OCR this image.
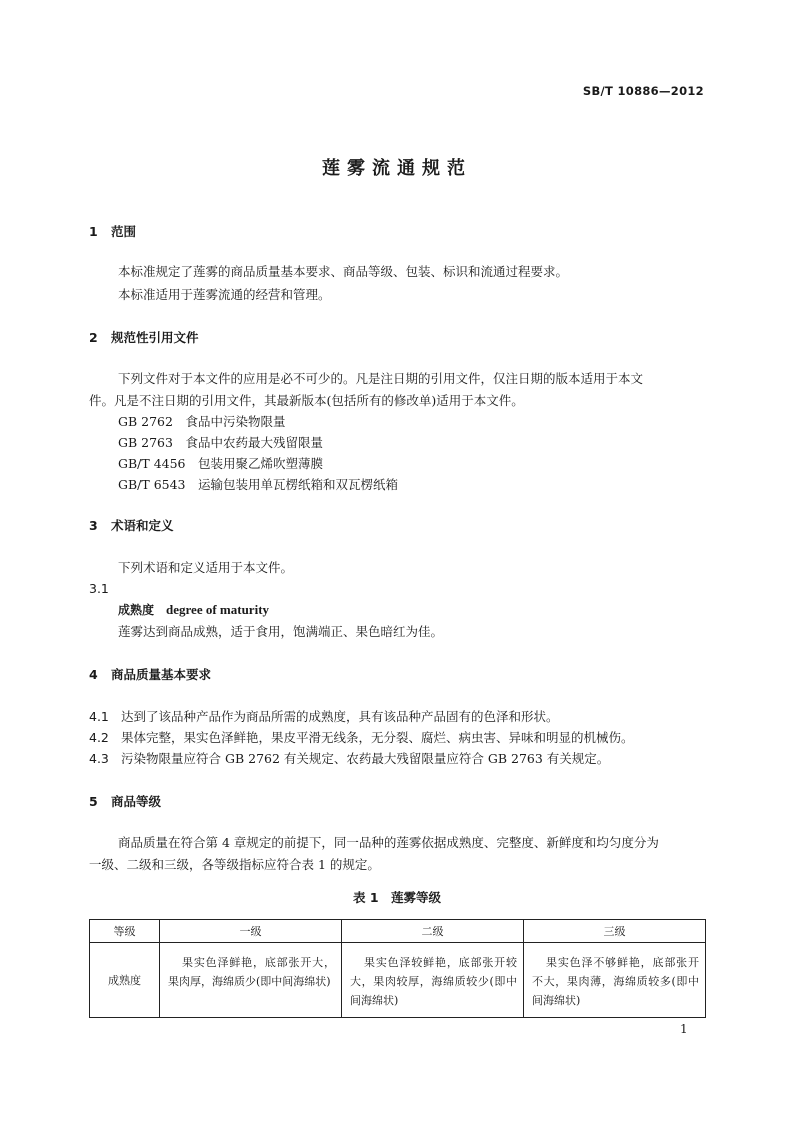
SB/T 10886—2012
莲雾流通规范
1 范围
本标准规定了莲雾的商品质量基本要求、商品等级、包装、标识和流通过程要求。
本标准适用于莲雾流通的经营和管理。
2 规范性引用文件
下列文件对于本文件的应用是必不可少的。凡是注日期的引用文件，仅注日期的版本适用于本文
件。凡是不注日期的引用文件，其最新版本(包括所有的修改单)适用于本文件。
GB 2762　 食品中污染物限量
GB 2763　 食品中农药最大残留限量
GB/T 4456　 包装用聚乙烯吹塑薄膜
GB/T 6543　 运输包装用单瓦楞纸箱和双瓦楞纸箱
3 术语和定义
下列术语和定义适用于本文件。
3.1
成熟度 degree of maturity
莲雾达到商品成熟，适于食用，饱满端正、果色暗红为佳。
4 商品质量基本要求
4.1 达到了该品种产品作为商品所需的成熟度，具有该品种产品固有的色泽和形状。
4.2 果体完整，果实色泽鲜艳，果皮平滑无线条，无分裂、腐烂、病虫害、异味和明显的机械伤。
4.3 污染物限量应符合 GB 2762 有关规定、农药最大残留限量应符合 GB 2763 有关规定。
5 商品等级
商品质量在符合第 4 章规定的前提下，同一品种的莲雾依据成熟度、完整度、新鲜度和均匀度分为
一级、二级和三级，各等级指标应符合表 1 的规定。
表 1　莲雾等级
等级	一级	二级	三级
成熟度	果实色泽鲜艳，底部张开大，果肉厚，海绵质少(即中间海绵状)	果实色泽较鲜艳，底部张开较大，果肉较厚，海绵质较少(即中间海绵状)	果实色泽不够鲜艳，底部张开不大，果肉薄，海绵质较多(即中间海绵状)
1
